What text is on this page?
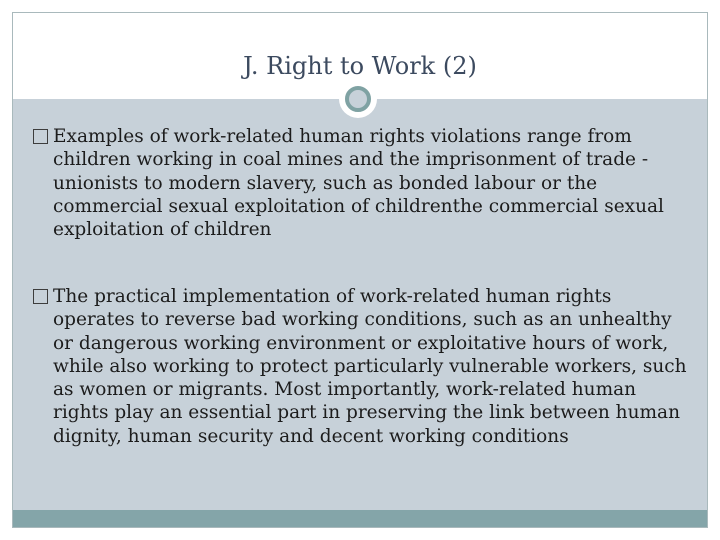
J. Right to Work (2)
Examples of work-related human rights violations range from children working in coal mines and the imprisonment of trade -unionists to modern slavery, such as bonded labour or the commercial sexual exploitation of childrenthe commercial sexual exploitation of children
The practical implementation of work-related human rights operates to reverse bad working conditions, such as an unhealthy or dangerous working environment or exploitative hours of work, while also working to protect particularly vulnerable workers, such as women or migrants. Most importantly, work-related human rights play an essential part in preserving the link between human dignity, human security and decent working conditions
